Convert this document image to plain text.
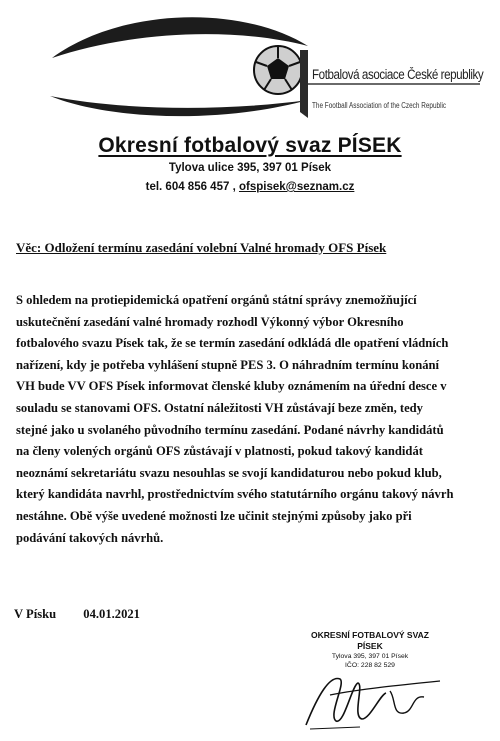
Fotbalová asociace České republiky
The Football Association of the Czech Republic
Okresní fotbalový svaz PÍSEK
Tylova ulice 395, 397 01 Písek
tel. 604 856 457 , ofspisek@seznam.cz
Věc: Odložení termínu zasedání volební Valné hromady OFS Písek
S ohledem na protiepidemická opatření orgánů státní správy znemožňující
uskutečnění zasedání valné hromady rozhodl Výkonný výbor Okresního
fotbalového svazu Písek tak, že se termín zasedání odkládá dle opatření vládních
nařízení, kdy je potřeba vyhlášení stupně PES 3. O náhradním termínu konání
VH bude VV OFS Písek informovat členské kluby oznámením na úřední desce v
souladu se stanovami OFS. Ostatní náležitosti VH zůstávají beze změn, tedy
stejné jako u svolaného původního termínu zasedání. Podané návrhy kandidátů
na členy volených orgánů OFS zůstávají v platnosti, pokud takový kandidát
neoznámí sekretariátu svazu nesouhlas se svojí kandidaturou nebo pokud klub,
který kandidáta navrhl, prostřednictvím svého statutárního orgánu takový návrh
nestáhne. Obě výše uvedené možnosti lze učinit stejnými způsoby jako při
podávání takových návrhů.
V Písku 04.01.2021
OKRESNÍ FOTBALOVÝ SVAZ
PÍSEK
Tylova 395, 397 01 Písek
IČO: 228 82 529
